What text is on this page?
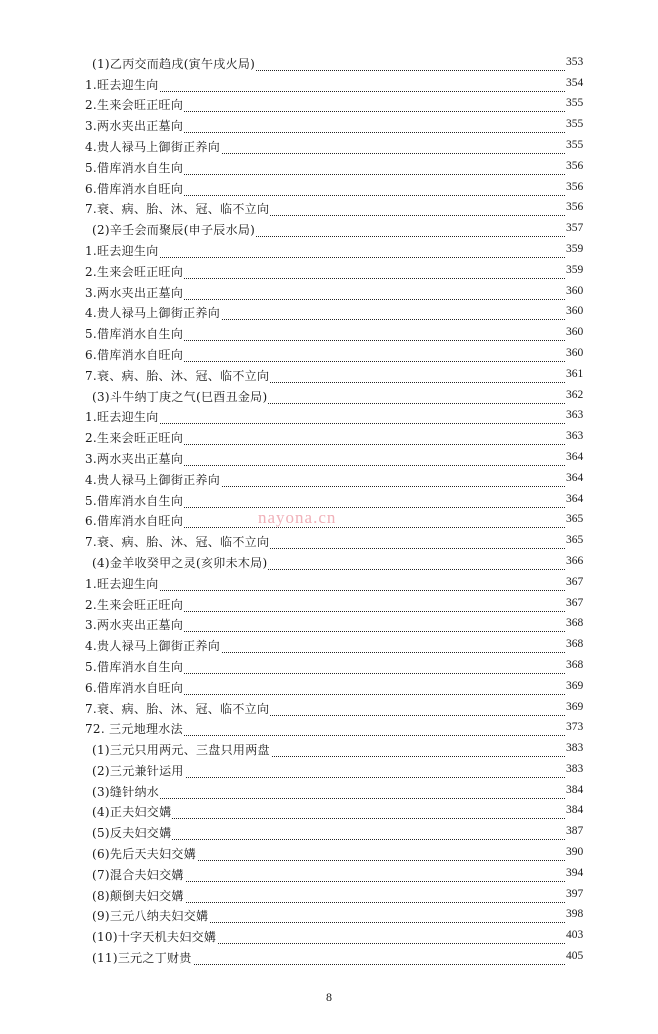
(1)乙丙交而趋戌(寅午戌火局)	353
1.旺去迎生向	354
2.生来会旺正旺向	355
3.两水夹出正墓向	355
4.贵人禄马上御街正养向	355
5.借库消水自生向	356
6.借库消水自旺向	356
7.衰、病、胎、沐、冠、临不立向	356
(2)辛壬会而聚辰(申子辰水局)	357
1.旺去迎生向	359
2.生来会旺正旺向	359
3.两水夹出正墓向	360
4.贵人禄马上御街正养向	360
5.借库消水自生向	360
6.借库消水自旺向	360
7.衰、病、胎、沐、冠、临不立向	361
(3)斗牛纳丁庚之气(巳酉丑金局)	362
1.旺去迎生向	363
2.生来会旺正旺向	363
3.两水夹出正墓向	364
4.贵人禄马上御街正养向	364
5.借库消水自生向	364
6.借库消水自旺向	365
7.衰、病、胎、沐、冠、临不立向	365
(4)金羊收癸甲之灵(亥卯未木局)	366
1.旺去迎生向	367
2.生来会旺正旺向	367
3.两水夹出正墓向	368
4.贵人禄马上御街正养向	368
5.借库消水自生向	368
6.借库消水自旺向	369
7.衰、病、胎、沐、冠、临不立向	369
72. 三元地理水法	373
(1)三元只用两元、三盘只用两盘	383
(2)三元兼针运用	383
(3)缝针纳水	384
(4)正夫妇交媾	384
(5)反夫妇交媾	387
(6)先后天夫妇交媾	390
(7)混合夫妇交媾	394
(8)颠倒夫妇交媾	397
(9)三元八纳夫妇交媾	398
(10)十字天机夫妇交媾	403
(11)三元之丁财贵	405
nayona.cn
8
